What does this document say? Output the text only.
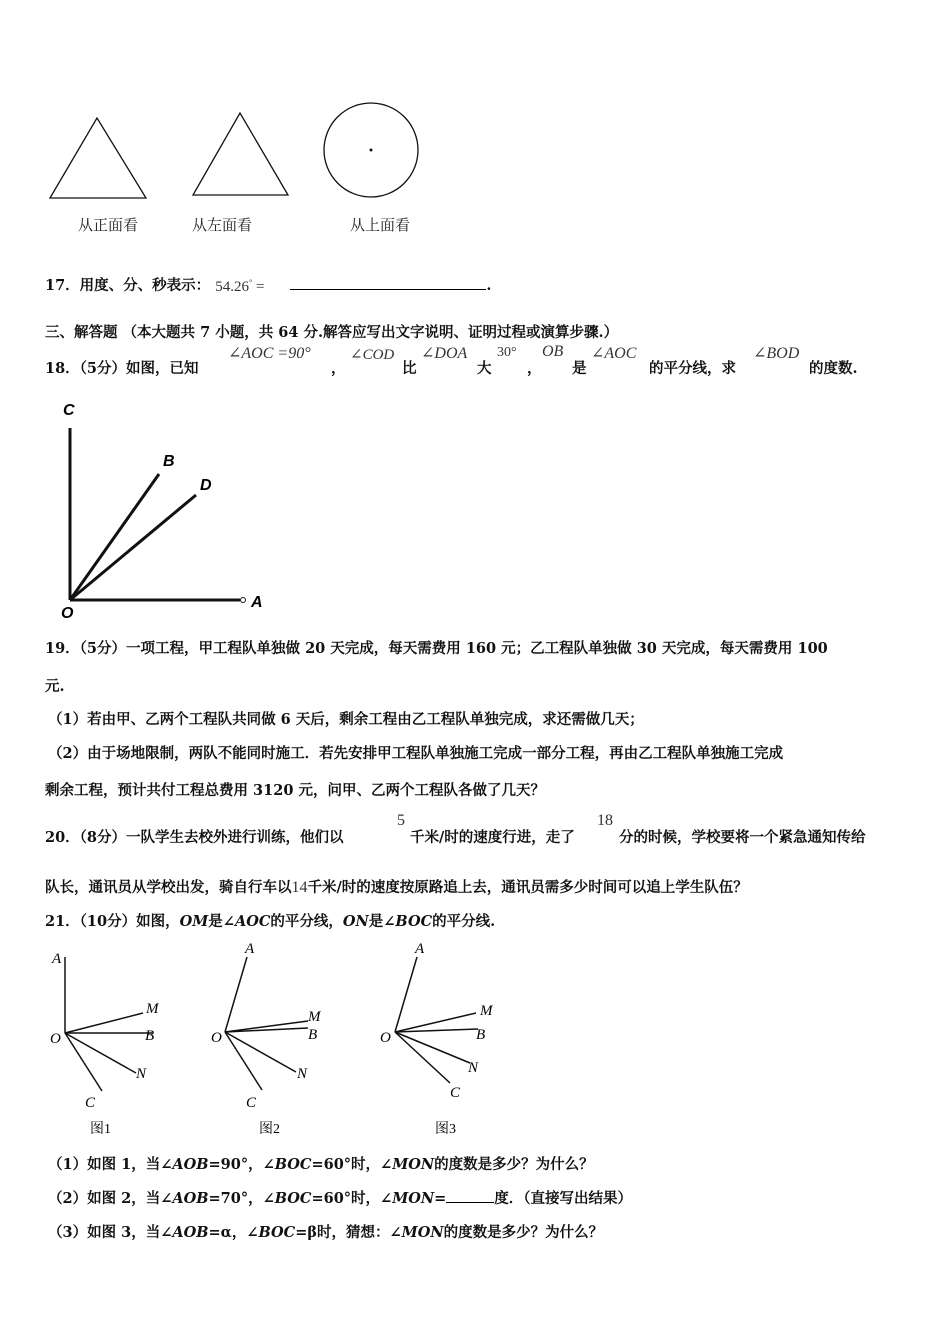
从正面看	从左面看	从上面看
17．用度、分、秒表示： 54.26° =	.
三、解答题 （本大题共 7 小题，共 64 分.解答应写出文字说明、证明过程或演算步骤.）
18．（5分）如图，已知
∠AOC =90°
，
∠COD
比
∠DOA
大
30°
，
OB
是
∠AOC
的平分线，求
∠BOD
的度数.
C
B
D
O
A
19．（5分）一项工程，甲工程队单独做 20 天完成，每天需费用 160 元；乙工程队单独做 30 天完成，每天需费用 100
元.
（1）若由甲、乙两个工程队共同做 6 天后，剩余工程由乙工程队单独完成，求还需做几天；
（2）由于场地限制，两队不能同时施工．若先安排甲工程队单独施工完成一部分工程，再由乙工程队单独施工完成
剩余工程，预计共付工程总费用 3120 元，问甲、乙两个工程队各做了几天？
20．（8分）一队学生去校外进行训练，他们以
5
千米/时的速度行进，走了
18
分的时候，学校要将一个紧急通知传给
队长，通讯员从学校出发，骑自行车以14千米/时的速度按原路追上去，通讯员需多少时间可以追上学生队伍？
21．（10分）如图，OM是∠AOC的平分线，ON是∠BOC的平分线.
A
M
B
O
N
C
图1
A
M
B
O
N
C
图2
A
M
B
O
N
C
图3
（1）如图 1，当∠AOB=90°，∠BOC=60°时，∠MON的度数是多少？为什么？
（2）如图 2，当∠AOB=70°，∠BOC=60°时，∠MON=	度．（直接写出结果）
（3）如图 3，当∠AOB=α，∠BOC=β时，猜想：∠MON的度数是多少？为什么？
